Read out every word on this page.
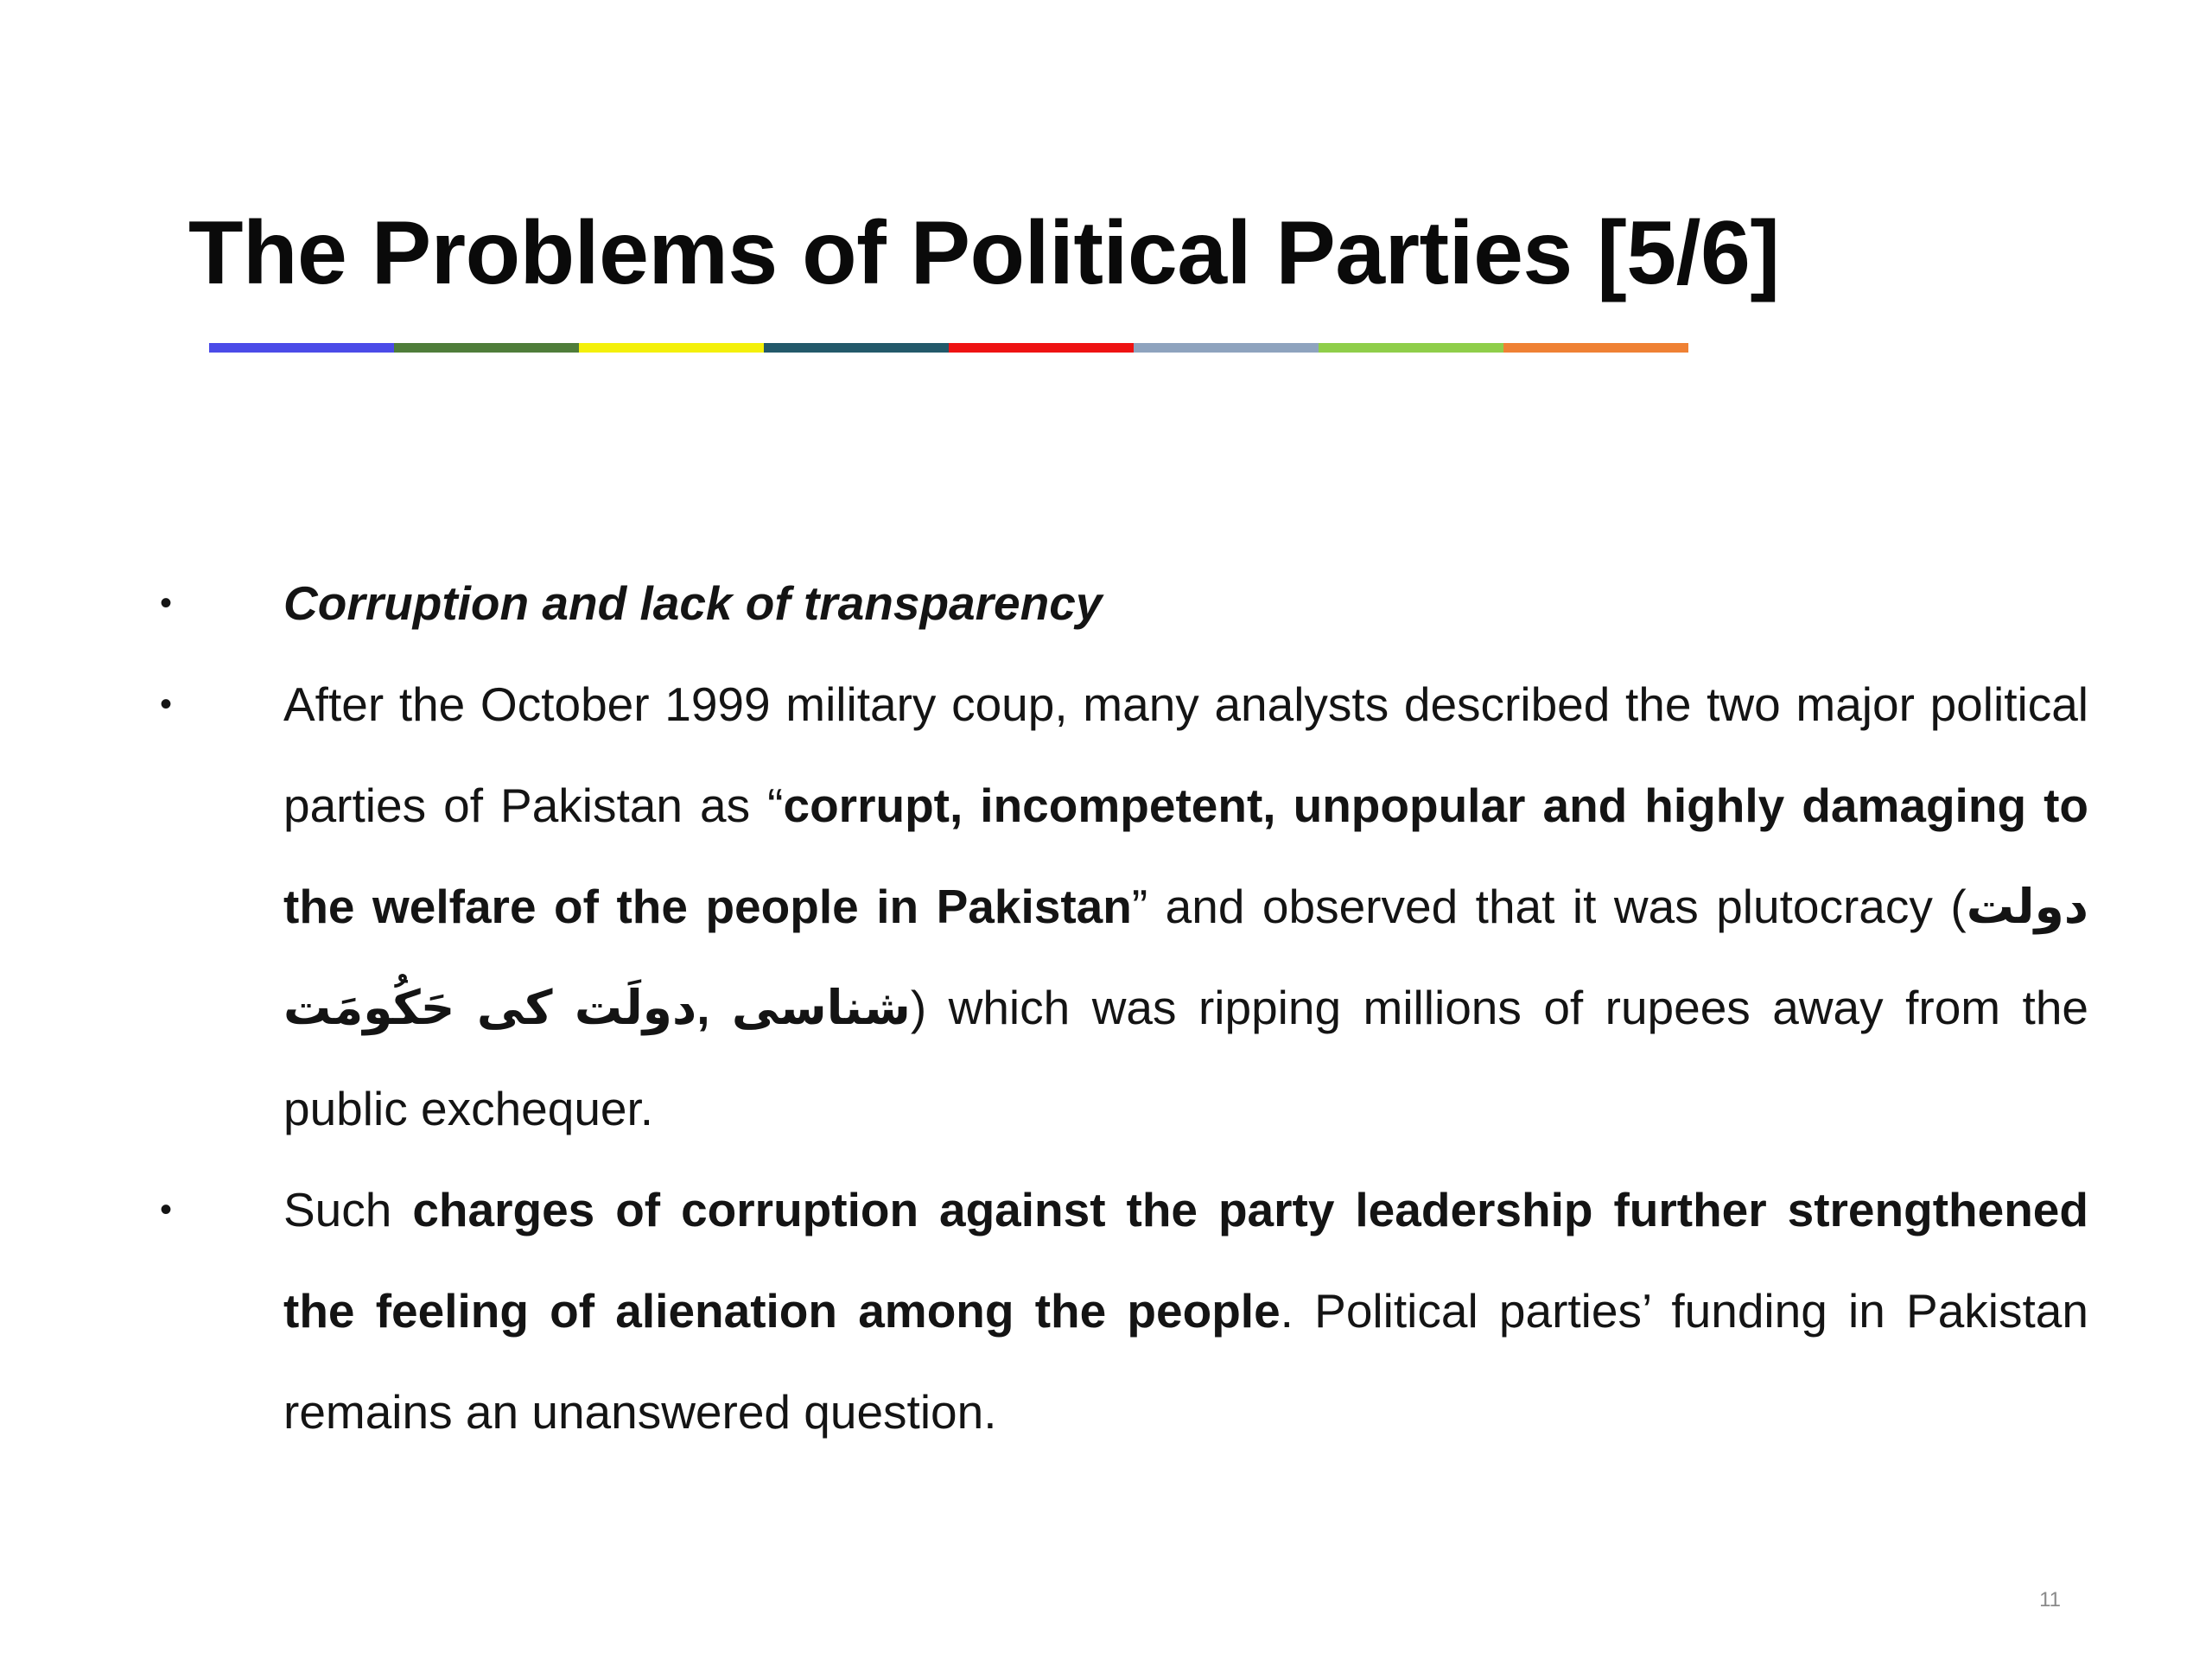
The Problems of Political Parties [5/6]
•	Corruption and lack of transparency
•	After the October 1999 military coup, many analysts described the two major political parties of Pakistan as “corrupt, incompetent, unpopular and highly damaging to the welfare of the people in Pakistan” and observed that it was plutocracy (دولت شناسی ,دولَت کی حَکُومَت) which was ripping millions of rupees away from the public exchequer.
•	Such charges of corruption against the party leadership further strengthened the feeling of alienation among the people. Political parties’ funding in Pakistan remains an unanswered question.
11
